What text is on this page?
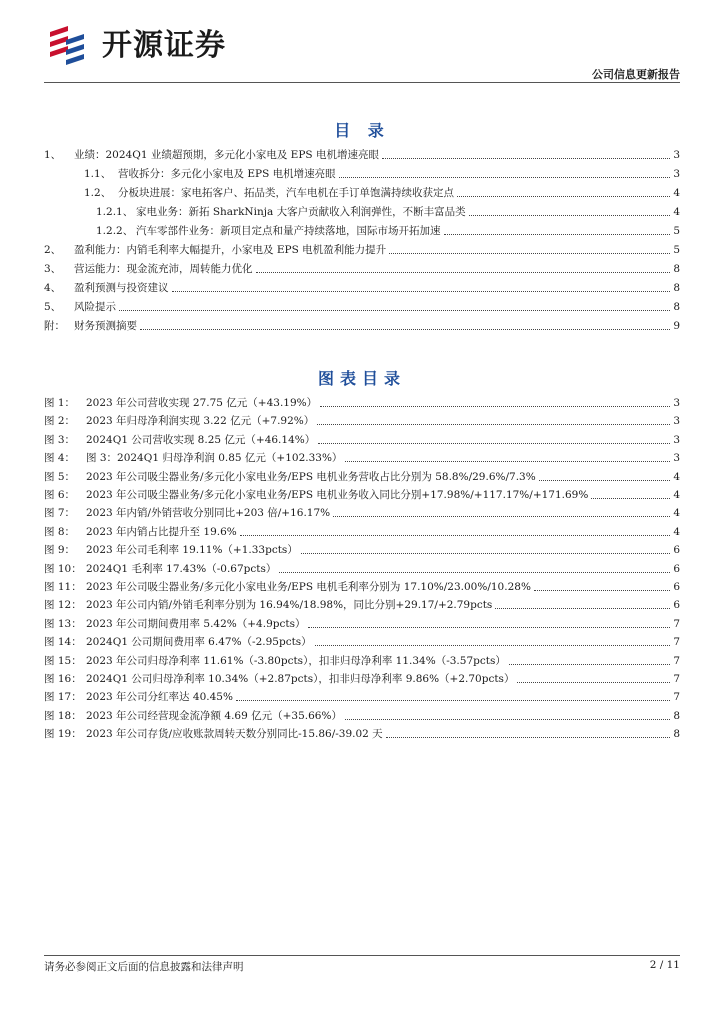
开源证券
公司信息更新报告
目 录
1、	业绩：2024Q1 业绩超预期，多元化小家电及 EPS 电机增速亮眼	3
1.1、 营收拆分：多元化小家电及 EPS 电机增速亮眼	3
1.2、 分板块进展：家电拓客户、拓品类，汽车电机在手订单饱满持续收获定点	4
1.2.1、 家电业务：新拓 SharkNinja 大客户贡献收入利润弹性，不断丰富品类	4
1.2.2、 汽车零部件业务：新项目定点和量产持续落地，国际市场开拓加速	5
2、	盈利能力：内销毛利率大幅提升，小家电及 EPS 电机盈利能力提升	5
3、	营运能力：现金流充沛，周转能力优化	8
4、	盈利预测与投资建议	8
5、	风险提示	8
附： 财务预测摘要	9
图表目录
图 1：	2023 年公司营收实现 27.75 亿元（+43.19%）	3
图 2：	2023 年归母净利润实现 3.22 亿元（+7.92%）	3
图 3：	2024Q1 公司营收实现 8.25 亿元（+46.14%）	3
图 4：	图 3：2024Q1 归母净利润 0.85 亿元（+102.33%）	3
图 5：	2023 年公司吸尘器业务/多元化小家电业务/EPS 电机业务营收占比分别为 58.8%/29.6%/7.3%	4
图 6：	2023 年公司吸尘器业务/多元化小家电业务/EPS 电机业务收入同比分别+17.98%/+117.17%/+171.69%	4
图 7：	2023 年内销/外销营收分别同比+203 倍/+16.17%	4
图 8：	2023 年内销占比提升至 19.6%	4
图 9：	2023 年公司毛利率 19.11%（+1.33pcts）	6
图 10： 2024Q1 毛利率 17.43%（-0.67pcts）	6
图 11： 2023 年公司吸尘器业务/多元化小家电业务/EPS 电机毛利率分别为 17.10%/23.00%/10.28%	6
图 12： 2023 年公司内销/外销毛利率分别为 16.94%/18.98%，同比分别+29.17/+2.79pcts	6
图 13： 2023 年公司期间费用率 5.42%（+4.9pcts）	7
图 14： 2024Q1 公司期间费用率 6.47%（-2.95pcts）	7
图 15： 2023 年公司归母净利率 11.61%（-3.80pcts），扣非归母净利率 11.34%（-3.57pcts）	7
图 16： 2024Q1 公司归母净利率 10.34%（+2.87pcts），扣非归母净利率 9.86%（+2.70pcts）	7
图 17： 2023 年公司分红率达 40.45%	7
图 18： 2023 年公司经营现金流净额 4.69 亿元（+35.66%）	8
图 19： 2023 年公司存货/应收账款周转天数分别同比-15.86/-39.02 天	8
请务必参阅正文后面的信息披露和法律声明	2 / 11
